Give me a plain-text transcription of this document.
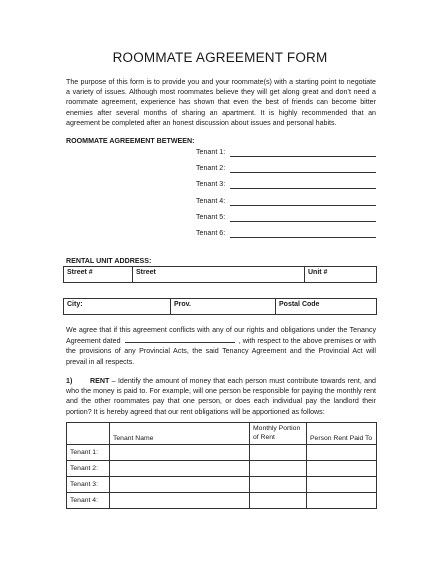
ROOMMATE AGREEMENT FORM
The purpose of this form is to provide you and your roommate(s) with a starting point to negotiate a variety of issues. Although most roommates believe they will get along great and don’t need a roommate agreement, experience has shown that even the best of friends can become bitter enemies after several months of sharing an apartment. It is highly recommended that an agreement be completed after an honest discussion about issues and personal habits.
ROOMMATE AGREEMENT BETWEEN:
Tenant 1:
Tenant 2:
Tenant 3:
Tenant 4:
Tenant 5:
Tenant 6:
RENTAL UNIT ADDRESS:
Street #	Street	Unit #
City:	Prov.	Postal Code
We agree that if this agreement conflicts with any of our rights and obligations under the Tenancy Agreement dated	, with respect to the above premises or with the provisions of any Provincial Acts, the said Tenancy Agreement and the Provincial Act will prevail in all respects.
1) RENT – Identify the amount of money that each person must contribute towards rent, and who the money is paid to. For example, will one person be responsible for paying the monthly rent and the other roommates pay that one person, or does each individual pay the landlord their portion? It is hereby agreed that our rent obligations will be apportioned as follows:
	Tenant Name	Monthly Portion of Rent	Person Rent Paid To
Tenant 1:			
Tenant 2:			
Tenant 3:			
Tenant 4:			
